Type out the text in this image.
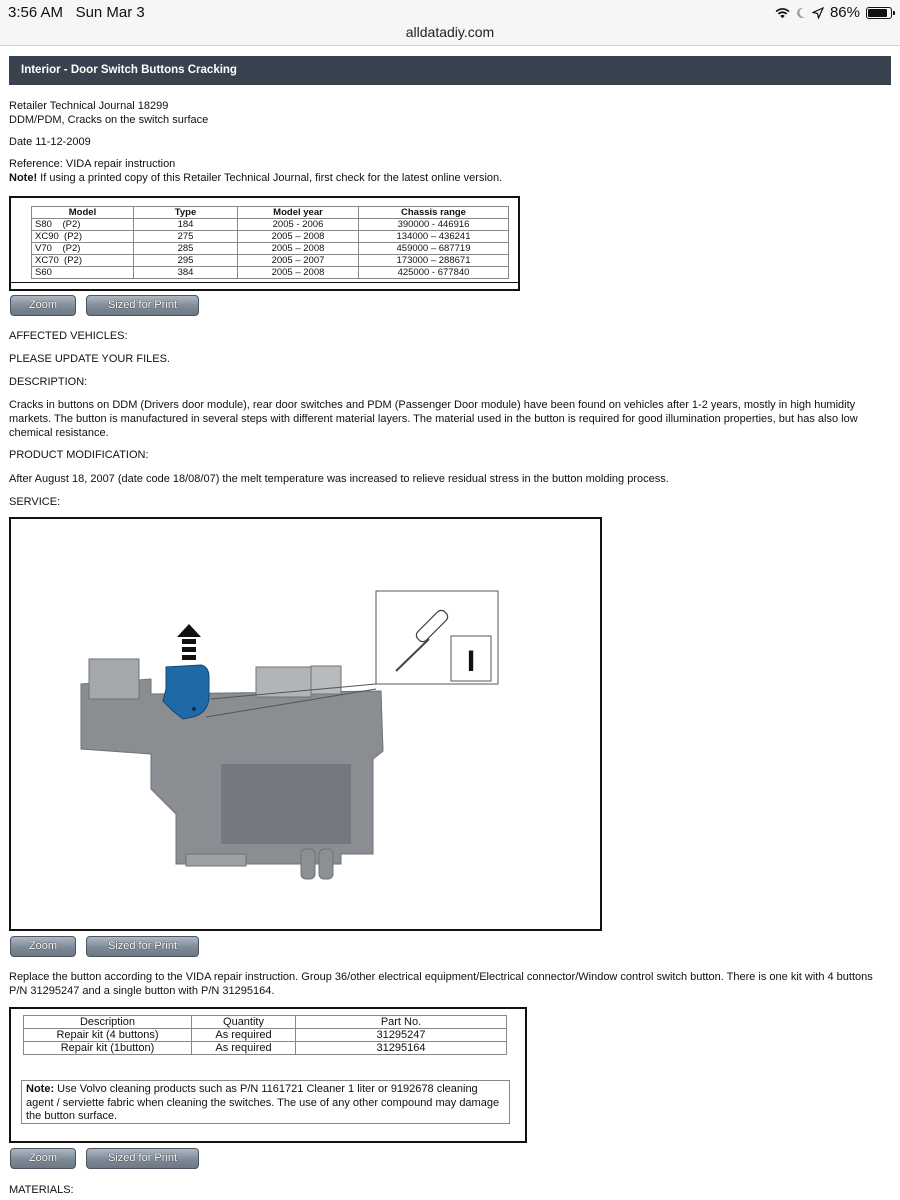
3:56 AM Sun Mar 3	86%
alldatadiy.com
Interior - Door Switch Buttons Cracking
Retailer Technical Journal 18299
DDM/PDM, Cracks on the switch surface
Date 11-12-2009
Reference: VIDA repair instruction
Note! If using a printed copy of this Retailer Technical Journal, first check for the latest online version.
Model	Type	Model year	Chassis range
S80    (P2)	184	2005 - 2006	390000 - 446916
XC90  (P2)	275	2005 – 2008	134000 – 436241
V70    (P2)	285	2005 – 2008	459000 – 687719
XC70  (P2)	295	2005 – 2007	173000 – 288671
S60	384	2005 – 2008	425000 - 677840
Zoom	Sized for Print
AFFECTED VEHICLES:
PLEASE UPDATE YOUR FILES.
DESCRIPTION:
Cracks in buttons on DDM (Drivers door module), rear door switches and PDM (Passenger Door module) have been found on vehicles after 1-2 years, mostly in high humidity markets. The button is manufactured in several steps with different material layers. The material used in the button is required for good illumination properties, but has also low chemical resistance.
PRODUCT MODIFICATION:
After August 18, 2007 (date code 18/08/07) the melt temperature was increased to relieve residual stress in the button molding process.
SERVICE:
I
Zoom	Sized for Print
Replace the button according to the VIDA repair instruction. Group 36/other electrical equipment/Electrical connector/Window control switch button. There is one kit with 4 buttons P/N 31295247 and a single button with P/N 31295164.
Description	Quantity	Part No.
Repair kit (4 buttons)	As required	31295247
Repair kit (1button)	As required	31295164
Note: Use Volvo cleaning products such as P/N 1161721 Cleaner 1 liter or 9192678 cleaning agent / serviette fabric when cleaning the switches. The use of any other compound may damage the button surface.
Zoom	Sized for Print
MATERIALS:
